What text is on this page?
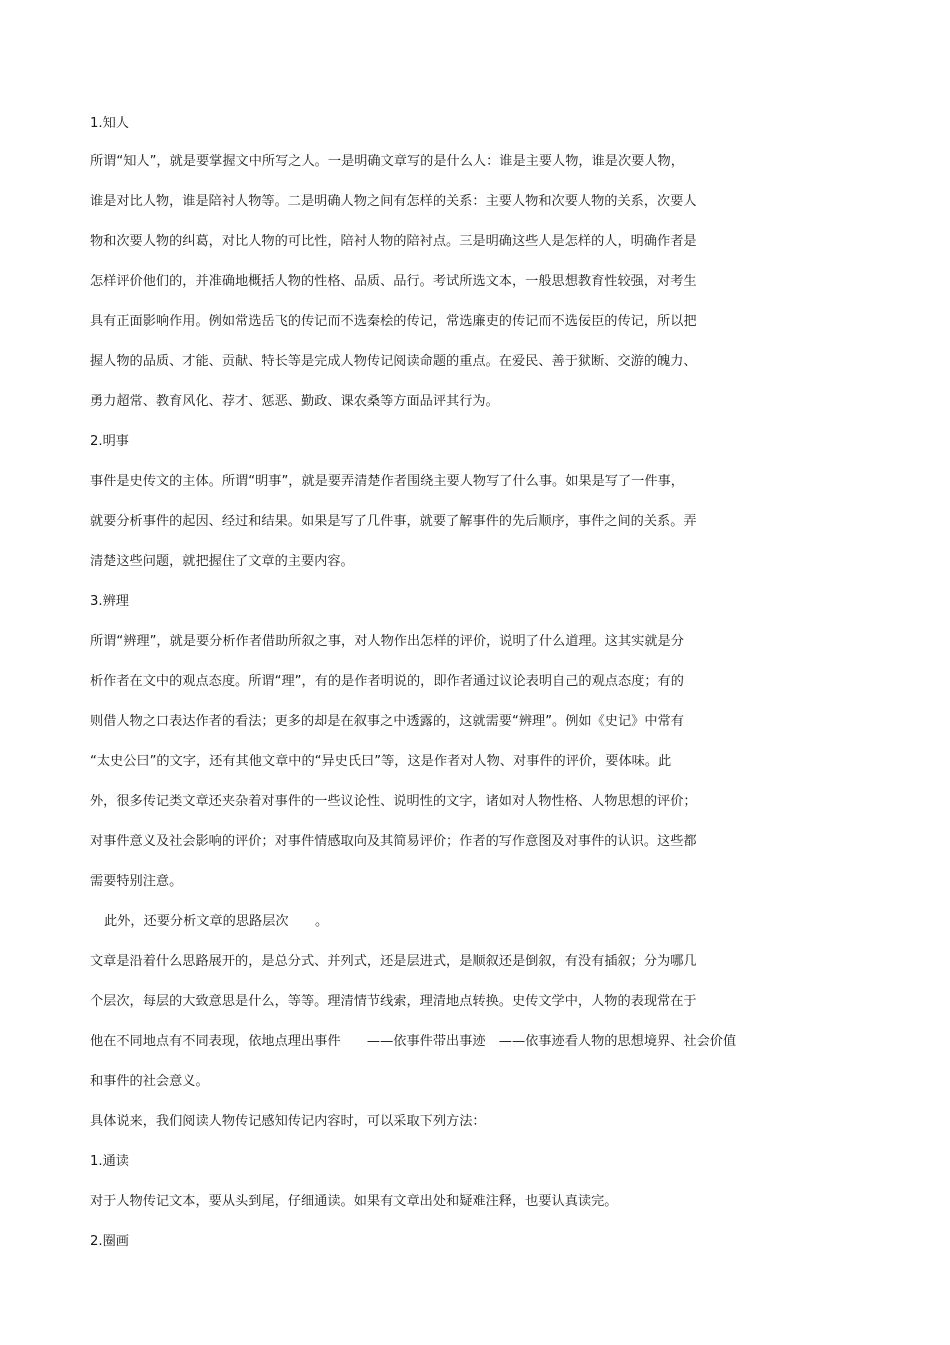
1.知人
所谓“知人”，就是要掌握文中所写之人。一是明确文章写的是什么人：谁是主要人物，谁是次要人物，
谁是对比人物，谁是陪衬人物等。二是明确人物之间有怎样的关系：主要人物和次要人物的关系，次要人
物和次要人物的纠葛，对比人物的可比性，陪衬人物的陪衬点。三是明确这些人是怎样的人，明确作者是
怎样评价他们的，并准确地概括人物的性格、品质、品行。考试所选文本，一般思想教育性较强，对考生
具有正面影响作用。例如常选岳飞的传记而不选秦桧的传记，常选廉吏的传记而不选佞臣的传记，所以把
握人物的品质、才能、贡献、特长等是完成人物传记阅读命题的重点。在爱民、善于狱断、交游的魄力、
勇力超常、教育风化、荐才、惩恶、勤政、课农桑等方面品评其行为。
2.明事
事件是史传文的主体。所谓“明事”，就是要弄清楚作者围绕主要人物写了什么事。如果是写了一件事，
就要分析事件的起因、经过和结果。如果是写了几件事，就要了解事件的先后顺序，事件之间的关系。弄
清楚这些问题，就把握住了文章的主要内容。
3.辨理
所谓“辨理”，就是要分析作者借助所叙之事，对人物作出怎样的评价，说明了什么道理。这其实就是分
析作者在文中的观点态度。所谓“理”，有的是作者明说的，即作者通过议论表明自己的观点态度；有的
则借人物之口表达作者的看法；更多的却是在叙事之中透露的，这就需要“辨理”。例如《史记》中常有
“太史公曰”的文字，还有其他文章中的“异史氏曰”等，这是作者对人物、对事件的评价，要体味。此
外，很多传记类文章还夹杂着对事件的一些议论性、说明性的文字，诸如对人物性格、人物思想的评价；
对事件意义及社会影响的评价；对事件情感取向及其简易评价；作者的写作意图及对事件的认识。这些都
需要特别注意。
此外，还要分析文章的思路层次　　。
文章是沿着什么思路展开的，是总分式、并列式，还是层进式，是顺叙还是倒叙，有没有插叙；分为哪几
个层次，每层的大致意思是什么，等等。理清情节线索，理清地点转换。史传文学中，人物的表现常在于
他在不同地点有不同表现，依地点理出事件　　——依事件带出事迹　——依事迹看人物的思想境界、社会价值
和事件的社会意义。
具体说来，我们阅读人物传记感知传记内容时，可以采取下列方法：
1.通读
对于人物传记文本，要从头到尾，仔细通读。如果有文章出处和疑难注释，也要认真读完。
2.圈画
